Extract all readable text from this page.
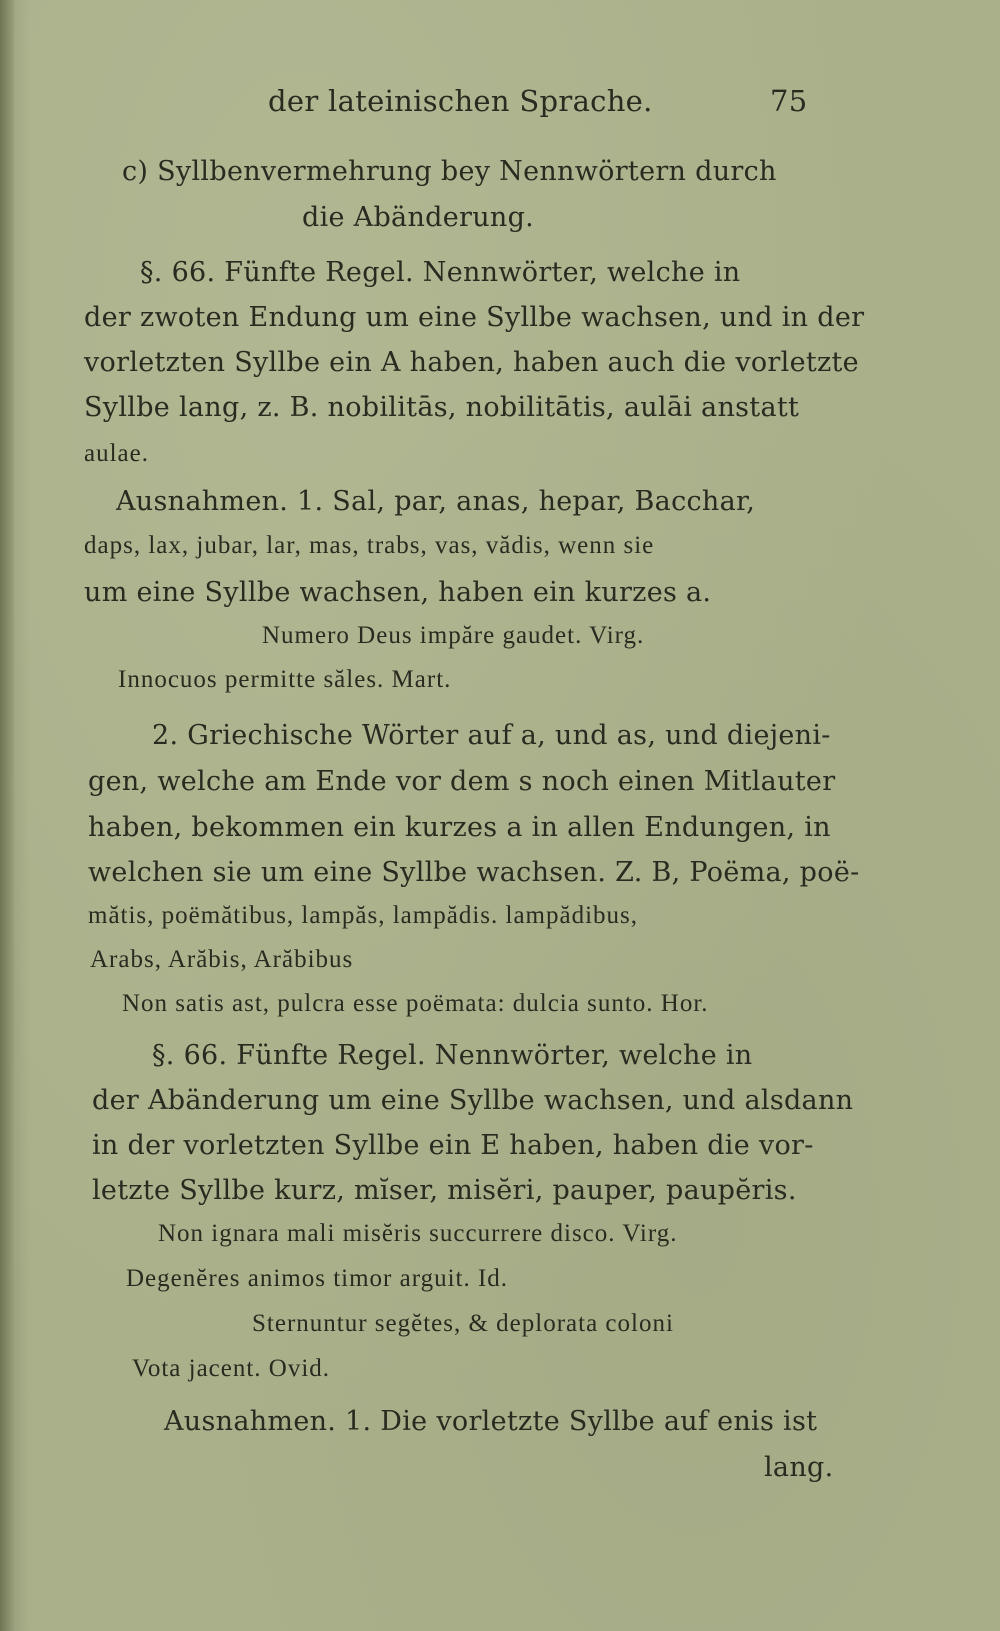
der lateinischen Sprache.	75
c) Syllbenvermehrung bey Nennwörtern durch
die Abänderung.
§. 66. Fünfte Regel. Nennwörter, welche in
der zwoten Endung um eine Syllbe wachsen, und in der
vorletzten Syllbe ein A haben, haben auch die vorletzte
Syllbe lang, z. B. nobilitās, nobilitātis, aulāi anstatt
aulae.
Ausnahmen. 1. Sal, par, anas, hepar, Bacchar,
daps, lax, jubar, lar, mas, trabs, vas, vădis, wenn sie
um eine Syllbe wachsen, haben ein kurzes a.
Numero Deus impăre gaudet. Virg.
Innocuos permitte săles. Mart.
2. Griechische Wörter auf a, und as, und diejeni-
gen, welche am Ende vor dem s noch einen Mitlauter
haben, bekommen ein kurzes a in allen Endungen, in
welchen sie um eine Syllbe wachsen. Z. B, Poëma, poë-
mătis, poëmătibus, lampăs, lampădis. lampădibus,
Arabs, Arăbis, Arăbibus
Non satis ast, pulcra esse poëmata: dulcia sunto. Hor.
§. 66. Fünfte Regel. Nennwörter, welche in
der Abänderung um eine Syllbe wachsen, und alsdann
in der vorletzten Syllbe ein E haben, haben die vor-
letzte Syllbe kurz, mĭser, misĕri, pauper, paupĕris.
Non ignara mali misĕris succurrere disco. Virg.
Degenĕres animos timor arguit. Id.
Sternuntur segĕtes, & deplorata coloni
Vota jacent. Ovid.
Ausnahmen. 1. Die vorletzte Syllbe auf enis ist
lang.
